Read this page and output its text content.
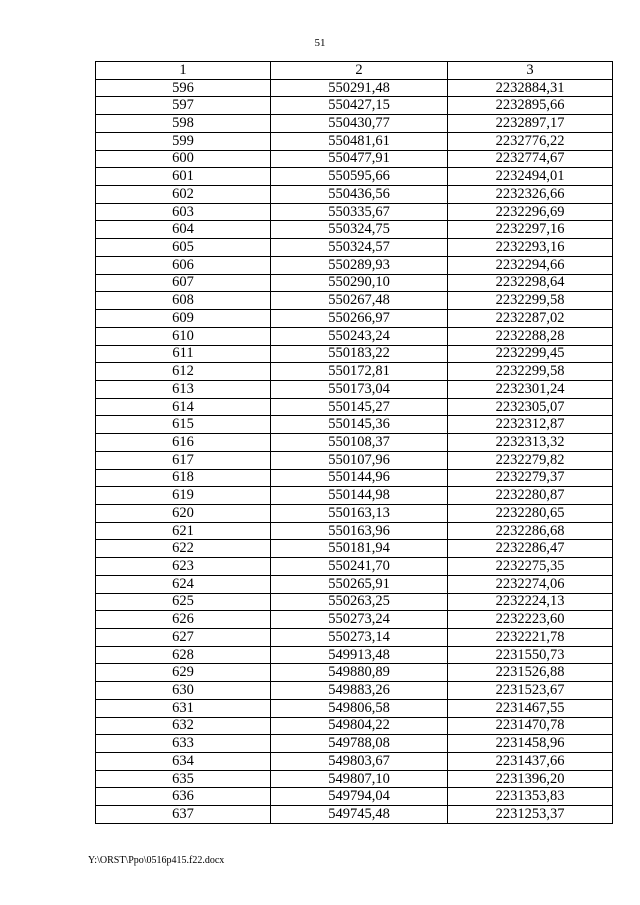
51
1	2	3
596	550291,48	2232884,31
597	550427,15	2232895,66
598	550430,77	2232897,17
599	550481,61	2232776,22
600	550477,91	2232774,67
601	550595,66	2232494,01
602	550436,56	2232326,66
603	550335,67	2232296,69
604	550324,75	2232297,16
605	550324,57	2232293,16
606	550289,93	2232294,66
607	550290,10	2232298,64
608	550267,48	2232299,58
609	550266,97	2232287,02
610	550243,24	2232288,28
611	550183,22	2232299,45
612	550172,81	2232299,58
613	550173,04	2232301,24
614	550145,27	2232305,07
615	550145,36	2232312,87
616	550108,37	2232313,32
617	550107,96	2232279,82
618	550144,96	2232279,37
619	550144,98	2232280,87
620	550163,13	2232280,65
621	550163,96	2232286,68
622	550181,94	2232286,47
623	550241,70	2232275,35
624	550265,91	2232274,06
625	550263,25	2232224,13
626	550273,24	2232223,60
627	550273,14	2232221,78
628	549913,48	2231550,73
629	549880,89	2231526,88
630	549883,26	2231523,67
631	549806,58	2231467,55
632	549804,22	2231470,78
633	549788,08	2231458,96
634	549803,67	2231437,66
635	549807,10	2231396,20
636	549794,04	2231353,83
637	549745,48	2231253,37
Y:\ORST\Ppo\0516p415.f22.docx
